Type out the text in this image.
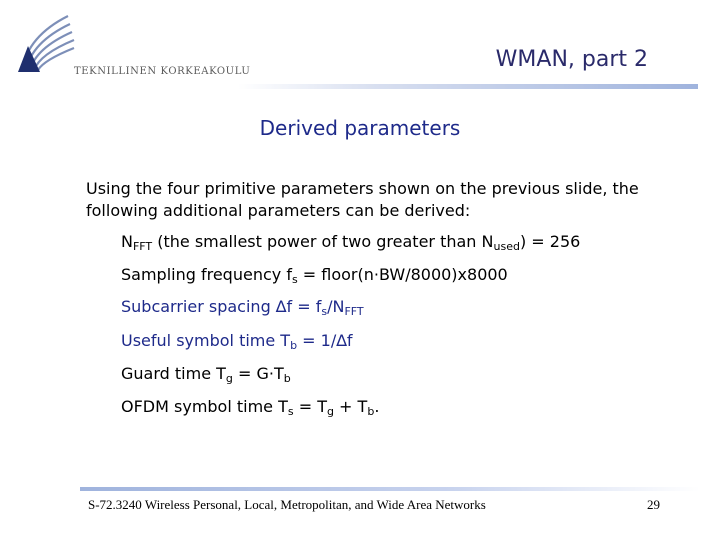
TEKNILLINEN KORKEAKOULU	WMAN, part 2
Derived parameters
Using the four primitive parameters shown on the previous slide, the following additional parameters can be derived:
$N_{FFT}$ (the smallest power of two greater than $N_{used}) = 256$
Sampling frequency $f_s$ = floor(n·BW/8000)x8000
Subcarrier spacing $\Delta f = f_s/N_{FFT}$
Useful symbol time $T_b = 1/\Delta f$
Guard time $T_g = G\cdot T_b$
OFDM symbol time $T_s = T_g + T_b$.
S-72.3240 Wireless Personal, Local, Metropolitan, and Wide Area Networks	29
